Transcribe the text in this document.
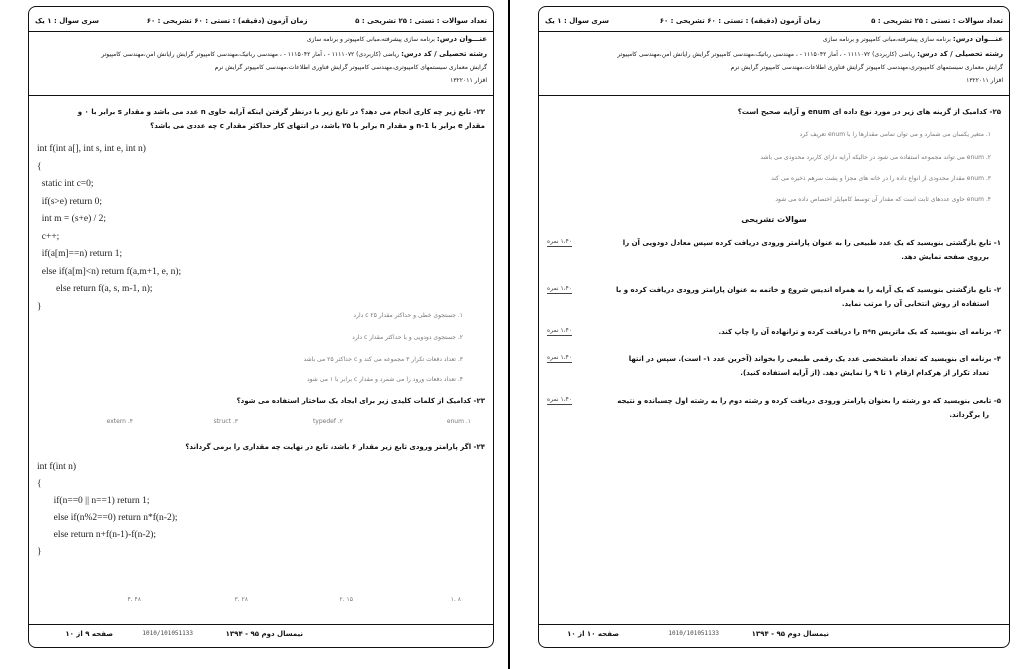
تعداد سوالات : تستی : ۲۵ تشریحی : ۵
زمان آزمون (دقیقه) : تستی : ۶۰ تشریحی : ۶۰
سری سوال : ۱ یک
عنـــوان درس: برنامه سازی پیشرفته،مبانی کامپیوتر و برنامه سازی
رشته تحصیلی / کد درس: ریاضی (کاربردی) ۱۱۱۱۰۷۲ - ، آمار ۱۱۱۵۰۴۲ - ، مهندسی رباتیک،مهندسی کامپیوتر گرایش رایانش امن،مهندسی کامپیوتر
گرایش معماری سیستمهای کامپیوتری،مهندسی کامپیوتر گرایش فناوری اطلاعات،مهندسی کامپیوتر گرایش نرم
افزار ۱۳۲۲۰۱۱
۲۲- تابع زیر چه کاری انجام می دهد؟ در تابع زیر با درنظر گرفتن اینکه آرایه حاوی n عدد می باشد و مقدار s برابر با ۰ و
مقدار e برابر با n-1 و مقدار n برابر با ۲۵ باشد، در انتهای کار حداکثر مقدار c چه عددی می باشد؟
int f(int a[], int s, int e, int n)
{
static int c=0;
if(s>e) return 0;
int m = (s+e) / 2;
c++;
if(a[m]==n) return 1;
else if(a[m]<n) return f(a,m+1, e, n);
else return f(a, s, m-1, n);
}
۱. جستجوی خطی و حداکثر مقدار c ۲۵ دارد
۲. جستجوی دودویی و با حداکثر مقدار c دارد
۳. تعداد دفعات تکرار ۳ مجموعه می کند و c حداکثر ۲۵ می باشد
۴. تعداد دفعات ورود را می شمرد و مقدار c برابر با ۱ می شود
۲۳- کدامیک از کلمات کلیدی زیر برای ایجاد یک ساختار استفاده می شود؟
enum .۱
typedef .۲
struct .۳
extern .۴
۲۴- اگر پارامتر ورودی تابع زیر مقدار ۶ باشد، تابع در نهایت چه مقداری را برمی گرداند؟
int f(int n)
{
if(n==0 || n==1) return 1;
else if(n%2==0) return n*f(n-2);
else return n+f(n-1)-f(n-2);
}
۸ .۱
۱۵ .۲
۲۸ .۳
۴۸ .۴
1010/101051133	نیمسال دوم ۹۵ - ۱۳۹۴
صفحه ۹ از ۱۰
تعداد سوالات : تستی : ۲۵ تشریحی : ۵
زمان آزمون (دقیقه) : تستی : ۶۰ تشریحی : ۶۰
سری سوال : ۱ یک
عنـــوان درس: برنامه سازی پیشرفته،مبانی کامپیوتر و برنامه سازی
رشته تحصیلی / کد درس: ریاضی (کاربردی) ۱۱۱۱۰۷۲ - ، آمار ۱۱۱۵۰۴۲ - ، مهندسی رباتیک،مهندسی کامپیوتر گرایش رایانش امن،مهندسی کامپیوتر
گرایش معماری سیستمهای کامپیوتری،مهندسی کامپیوتر گرایش فناوری اطلاعات،مهندسی کامپیوتر گرایش نرم
افزار ۱۳۲۲۰۱۱
۲۵- کدامیک از گزینه های زیر در مورد نوع داده ای enum و آرایه صحیح است؟
۱. متغیر یکسان می شمارد و می توان تمامی مقدارها را با enum تعریف کرد
۲. enum می تواند مجموعه استفاده می شود در حالیکه آرایه دارای کاربرد محدودی می باشد
۳. enum مقدار محدودی از انواع داده را در خانه های مجزا و پشت سرهم ذخیره می کند
۴. enum حاوی عددهای ثابت است که مقدار آن توسط کامپایلر اختصاص داده می شود
سوالات تشریحی
۱- تابع بازگشتی بنویسید که یک عدد طبیعی را به عنوان پارامتر ورودی دریافت کرده سپس معادل دودویی آن را
برروی صفحه نمایش دهد.
۱،۴۰ نمره
۲- تابع بازگشتی بنویسید که یک آرایه را به همراه اندیس شروع و خاتمه به عنوان پارامتر ورودی دریافت کرده و با
استفاده از روش انتخابی آن را مرتب نماید.
۱،۴۰ نمره
۳- برنامه ای بنویسید که یک ماتریس n*n را دریافت کرده و ترانهاده آن را چاپ کند.
۱،۴۰ نمره
۴- برنامه ای بنویسید که تعداد نامشخصی عدد یک رقمی طبیعی را بخواند (آخرین عدد ۱- است). سپس در انتها
تعداد تکرار از هرکدام ارقام ۱ تا ۹ را نمایش دهد. (از آرایه استفاده کنید).
۱،۴۰ نمره
۵- تابعی بنویسید که دو رشته را بعنوان پارامتر ورودی دریافت کرده و رشته دوم را به رشته اول چسبانده و نتیجه
را برگرداند.
۱،۴۰ نمره
1010/101051133	نیمسال دوم ۹۵ - ۱۳۹۴
صفحه ۱۰ از ۱۰
